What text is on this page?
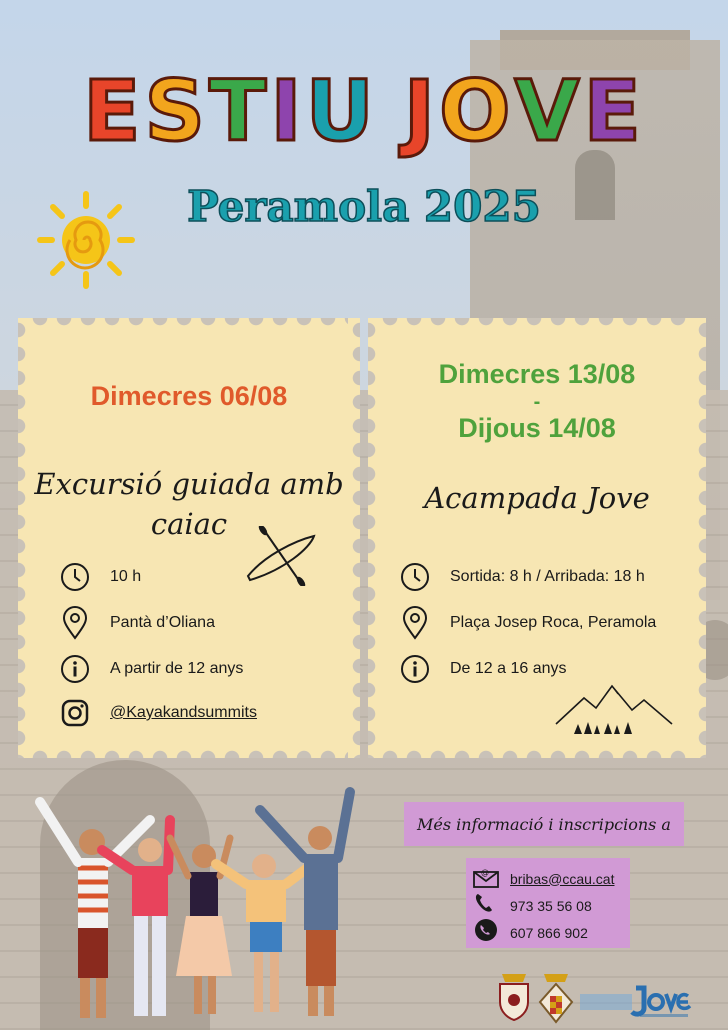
ESTIU JOVE
Peramola 2025
Dimecres 06/08
Excursió guiada amb
caiac
10 h
Pantà d’Oliana
A partir de 12 anys
@Kayakandsummits
Dimecres 13/08
-
Dijous 14/08
Acampada Jove
Sortida: 8 h / Arribada: 18 h
Plaça Josep Roca, Peramola
De 12 a 16 anys
Més informació i inscripcions a
@ bribas@ccau.cat
973 35 56 08
607 866 902
